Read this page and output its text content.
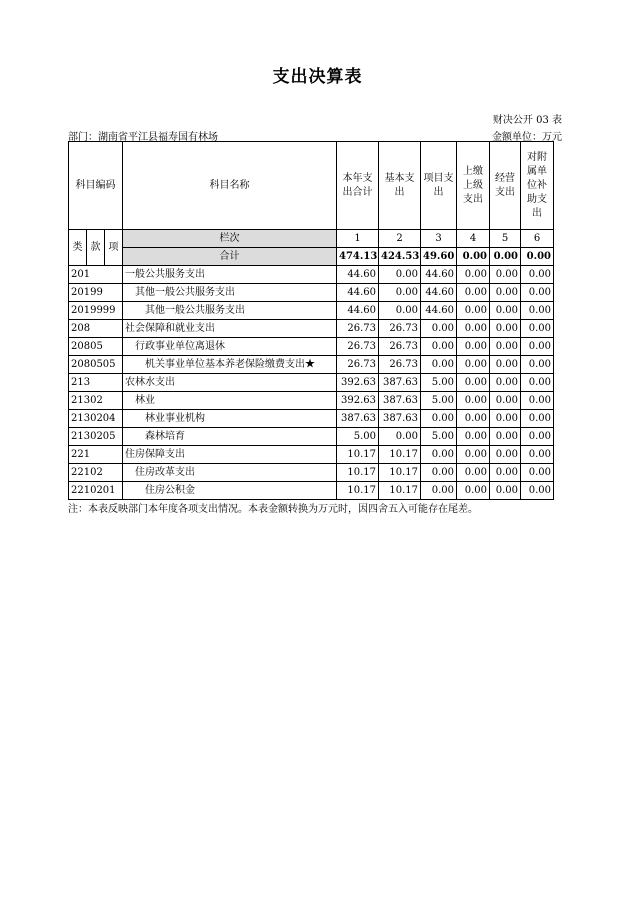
支出决算表
财决公开 03 表
部门：湖南省平江县福寿国有林场	金额单位：万元
科目编码			科目名称	本年支出合计	基本支出	项目支出	上缴上级支出	经营支出	对附属单位补助支出
类	款	项	栏次	1	2	3	4	5	6
			合计	474.13	424.53	49.60	0.00	0.00	0.00
201			一般公共服务支出	44.60	0.00	44.60	0.00	0.00	0.00
20199			其他一般公共服务支出	44.60	0.00	44.60	0.00	0.00	0.00
2019999			其他一般公共服务支出	44.60	0.00	44.60	0.00	0.00	0.00
208			社会保障和就业支出	26.73	26.73	0.00	0.00	0.00	0.00
20805			行政事业单位离退休	26.73	26.73	0.00	0.00	0.00	0.00
2080505			机关事业单位基本养老保险缴费支出★	26.73	26.73	0.00	0.00	0.00	0.00
213			农林水支出	392.63	387.63	5.00	0.00	0.00	0.00
21302			林业	392.63	387.63	5.00	0.00	0.00	0.00
2130204			林业事业机构	387.63	387.63	0.00	0.00	0.00	0.00
2130205			森林培育	5.00	0.00	5.00	0.00	0.00	0.00
221			住房保障支出	10.17	10.17	0.00	0.00	0.00	0.00
22102			住房改革支出	10.17	10.17	0.00	0.00	0.00	0.00
2210201			住房公积金	10.17	10.17	0.00	0.00	0.00	0.00
注：本表反映部门本年度各项支出情况。本表金额转换为万元时，因四舍五入可能存在尾差。
